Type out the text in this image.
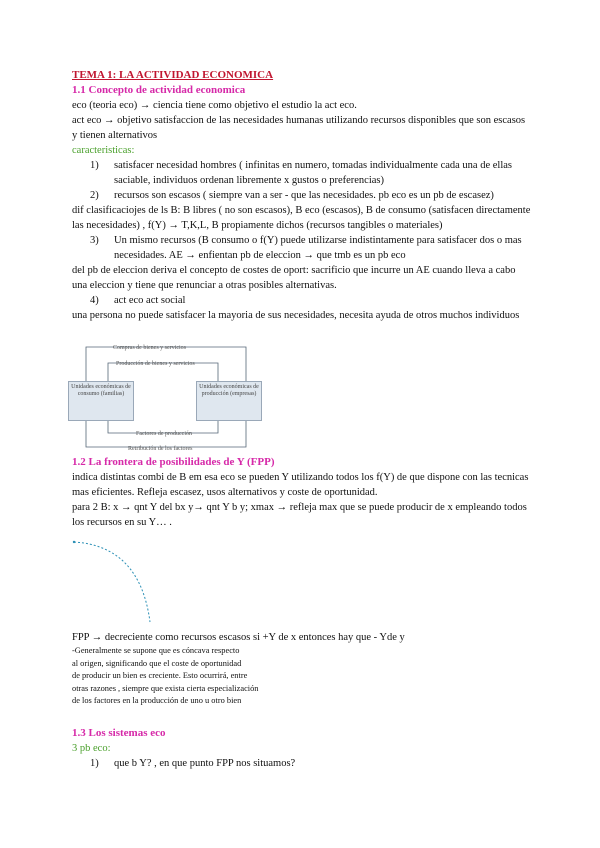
TEMA 1: LA ACTIVIDAD ECONOMICA

1.1 Concepto de actividad economica

eco (teoria eco) → ciencia tiene como objetivo el estudio la act eco.

act eco → objetivo satisfaccion de las necesidades humanas utilizando recursos disponibles que son escasos y tienen alternativos

caracteristicas:

1)	satisfacer necesidad hombres ( infinitas en numero, tomadas individualmente cada una de ellas saciable, individuos ordenan libremente x gustos o preferencias)
2)	recursos son escasos ( siempre van a ser - que las necesidades. pb eco es un pb de escasez)

dif clasificaciojes de ls B: B libres ( no son escasos), B eco (escasos), B de consumo (satisfacen directamente las necesidades) , f(Y) → T,K,L, B propiamente dichos (recursos tangibles o materiales)

3)	Un mismo recursos (B consumo o f(Y) puede utilizarse indistintamente para satisfacer dos o mas necesidades. AE → enfientan pb de eleccion → que tmb es un pb eco

del pb de eleccion deriva el concepto de costes de oport: sacrificio que incurre un AE cuando lleva a cabo una eleccion y tiene que renunciar a otras posibles alternativas.

4)	act eco act social

una persona no puede satisfacer la mayoria de sus necesidades, necesita ayuda de otros muchos individuos

Unidades económicas de consumo (familias)
Unidades económicas de producción (empresas)
Compras de bienes y servicios
Producción de bienes y servicios
Factores de producción
Retribución de los factores

1.2 La frontera de posibilidades de Y (FPP)

indica distintas combi de B em esa eco se pueden Y utilizando todos los f(Y) de que dispone con las tecnicas mas eficientes. Refleja escasez, usos alternativos y coste de oportunidad.

para 2 B: x → qnt Y del bx y→ qnt Y b y; xmax → refleja max que se puede producir de x empleando todos los recursos en su Y… .

FPP → decreciente como recursos escasos si +Y de x entonces hay que - Yde y

-Generalmente se supone que es cóncava respecto

al origen, significando que el coste de oportunidad

de producir un bien es creciente. Esto ocurrirá, entre

otras razones , siempre que exista cierta especialización

de los factores en la producción de uno u otro bien

1.3 Los sistemas eco

3 pb eco:

1)	que b Y? , en que punto FPP nos situamos?
